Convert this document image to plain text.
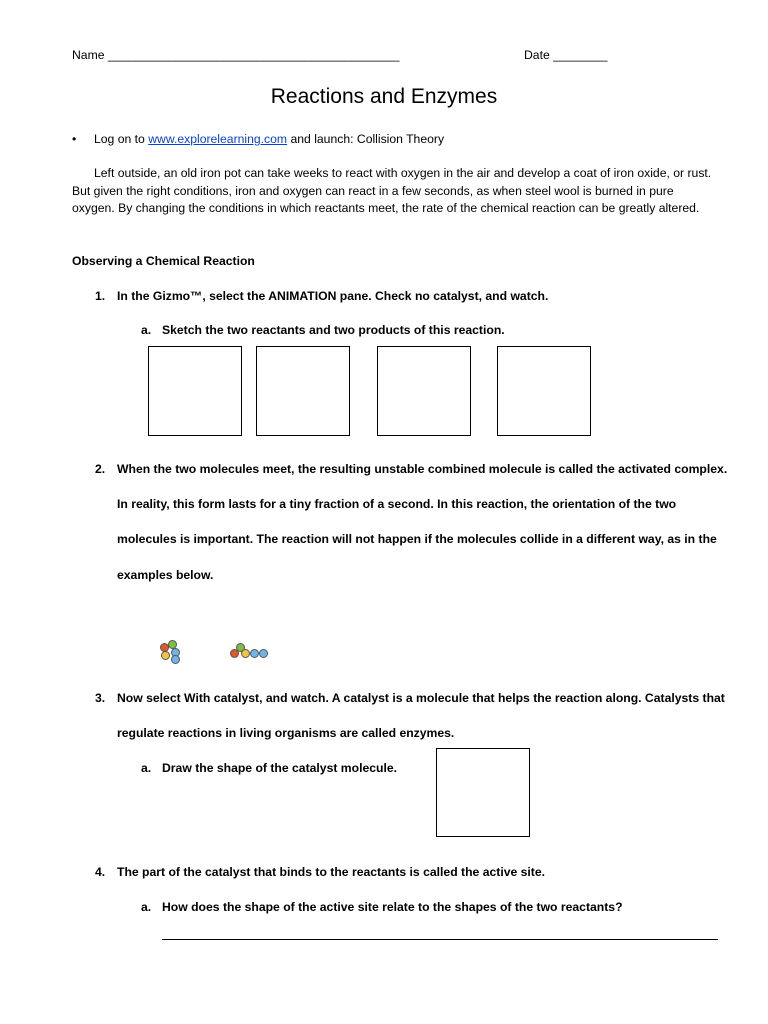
Name ___________________________________________	Date ________
Reactions and Enzymes
• Log on to www.explorelearning.com and launch: Collision Theory
Left outside, an old iron pot can take weeks to react with oxygen in the air and develop a coat of iron oxide, or rust. But given the right conditions, iron and oxygen can react in a few seconds, as when steel wool is burned in pure oxygen. By changing the conditions in which reactants meet, the rate of the chemical reaction can be greatly altered.
Observing a Chemical Reaction
1. In the Gizmo™, select the ANIMATION pane. Check no catalyst, and watch.
a. Sketch the two reactants and two products of this reaction.
2. When the two molecules meet, the resulting unstable combined molecule is called the activated complex.
In reality, this form lasts for a tiny fraction of a second. In this reaction, the orientation of the two
molecules is important. The reaction will not happen if the molecules collide in a different way, as in the
examples below.
3. Now select With catalyst, and watch. A catalyst is a molecule that helps the reaction along. Catalysts that
regulate reactions in living organisms are called enzymes.
a. Draw the shape of the catalyst molecule.
4. The part of the catalyst that binds to the reactants is called the active site.
a. How does the shape of the active site relate to the shapes of the two reactants?
